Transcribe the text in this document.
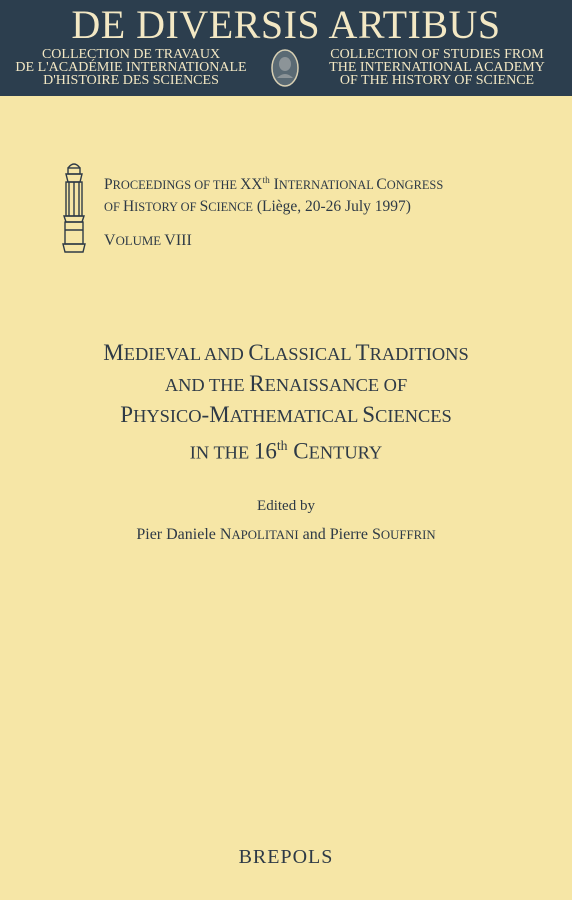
DE DIVERSIS ARTIBUS
COLLECTION DE TRAVAUX
DE L'ACADÉMIE INTERNATIONALE
D'HISTOIRE DES SCIENCES
COLLECTION OF STUDIES FROM
THE INTERNATIONAL ACADEMY
OF THE HISTORY OF SCIENCE
PROCEEDINGS OF THE XXth INTERNATIONAL CONGRESS
OF HISTORY OF SCIENCE (Liège, 20-26 July 1997)
VOLUME VIII
MEDIEVAL AND CLASSICAL TRADITIONS
AND THE RENAISSANCE OF
PHYSICO-MATHEMATICAL SCIENCES
IN THE 16th CENTURY
Edited by
Pier Daniele NAPOLITANI and Pierre SOUFFRIN
BREPOLS
